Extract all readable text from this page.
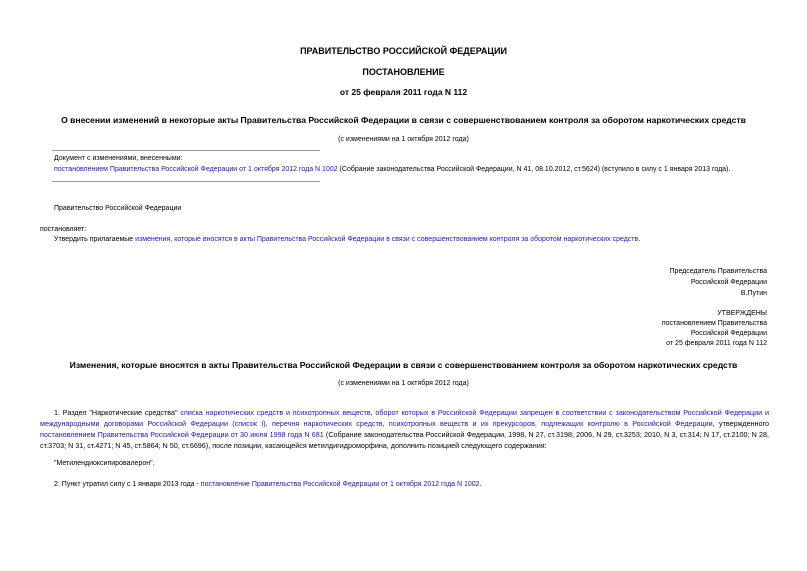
ПРАВИТЕЛЬСТВО РОССИЙСКОЙ ФЕДЕРАЦИИ
ПОСТАНОВЛЕНИЕ
от 25 февраля 2011 года N 112
О внесении изменений в некоторые акты Правительства Российской Федерации в связи с совершенствованием контроля за оборотом наркотических средств
(с изменениями на 1 октября 2012 года)
Документ с изменениями, внесенными:
постановлением Правительства Российской Федерации от 1 октября 2012 года N 1002 (Собрание законодательства Российской Федерации, N 41, 08.10.2012, ст.5624) (вступило в силу с 1 января 2013 года).
Правительство Российской Федерации
постановляет:
Утвердить прилагаемые изменения, которые вносятся в акты Правительства Российской Федерации в связи с совершенствованием контроля за оборотом наркотических средств.
Председатель Правительства
Российской Федерации
В.Путин
УТВЕРЖДЕНЫ
постановлением Правительства
Российской Федерации
от 25 февраля 2011 года N 112
Изменения, которые вносятся в акты Правительства Российской Федерации в связи с совершенствованием контроля за оборотом наркотических средств
(с изменениями на 1 октября 2012 года)
1. Раздел "Наркотические средства" списка наркотических средств и психотропных веществ, оборот которых в Российской Федерации запрещен в соответствии с законодательством Российской Федерации и международными договорами Российской Федерации (список I), перечня наркотических средств, психотропных веществ и их прекурсоров, подлежащих контролю в Российской Федерации, утвержденного постановлением Правительства Российской Федерации от 30 июня 1998 года N 681 (Собрание законодательства Российской Федерации, 1998, N 27, ст.3198; 2006, N 29, ст.3253; 2010, N 3, ст.314; N 17, ст.2100; N 28, ст.3703; N 31, ст.4271; N 45, ст.5864; N 50, ст.6696), после позиции, касающейся метилдигидроморфина, дополнить позицией следующего содержания:
"Метилендиоксипировалерон".
2. Пункт утратил силу с 1 января 2013 года - постановление Правительства Российской Федерации от 1 октября 2012 года N 1002.
